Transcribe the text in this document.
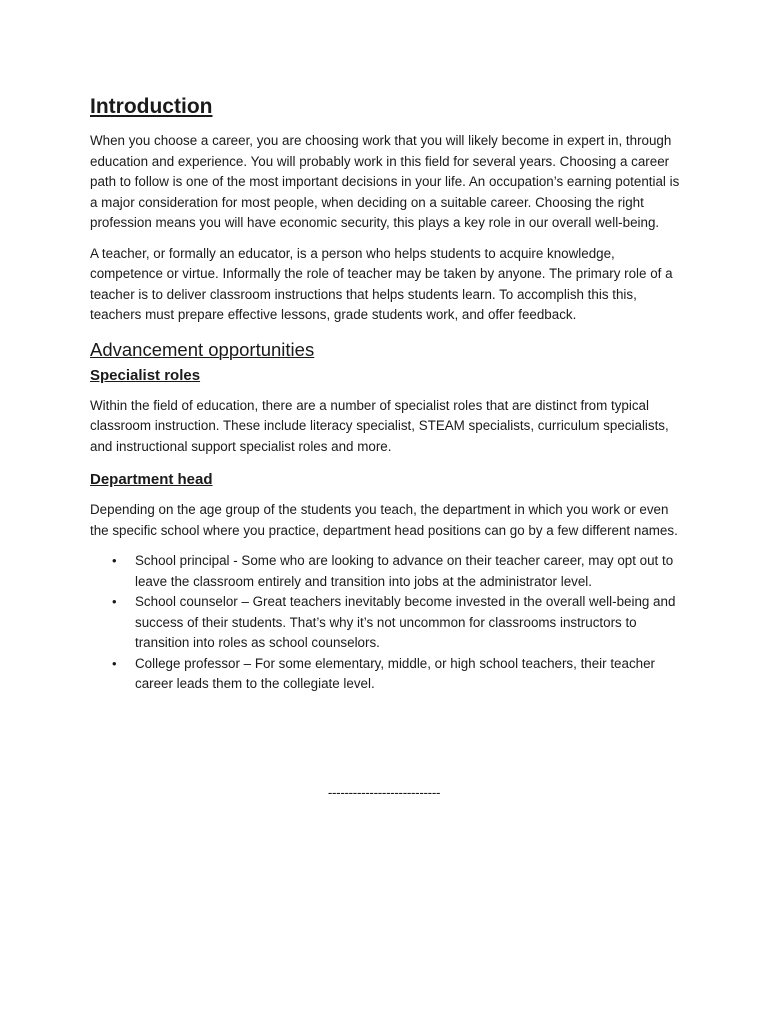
Introduction

When you choose a career, you are choosing work that you will likely become in expert in, through education and experience. You will probably work in this field for several years. Choosing a career path to follow is one of the most important decisions in your life. An occupation’s earning potential is a major consideration for most people, when deciding on a suitable career. Choosing the right profession means you will have economic security, this plays a key role in our overall well-being.

A teacher, or formally an educator, is a person who helps students to acquire knowledge, competence or virtue. Informally the role of teacher may be taken by anyone. The primary role of a teacher is to deliver classroom instructions that helps students learn. To accomplish this this, teachers must prepare effective lessons, grade students work, and offer feedback.

Advancement opportunities
Specialist roles

Within the field of education, there are a number of specialist roles that are distinct from typical classroom instruction. These include literacy specialist, STEAM specialists, curriculum specialists, and instructional support specialist roles and more.

Department head

Depending on the age group of the students you teach, the department in which you work or even the specific school where you practice, department head positions can go by a few different names.

• School principal - Some who are looking to advance on their teacher career, may opt out to leave the classroom entirely and transition into jobs at the administrator level.
• School counselor – Great teachers inevitably become invested in the overall well-being and success of their students. That’s why it’s not uncommon for classrooms instructors to transition into roles as school counselors.
• College professor – For some elementary, middle, or high school teachers, their teacher career leads them to the collegiate level.
---------------------------
